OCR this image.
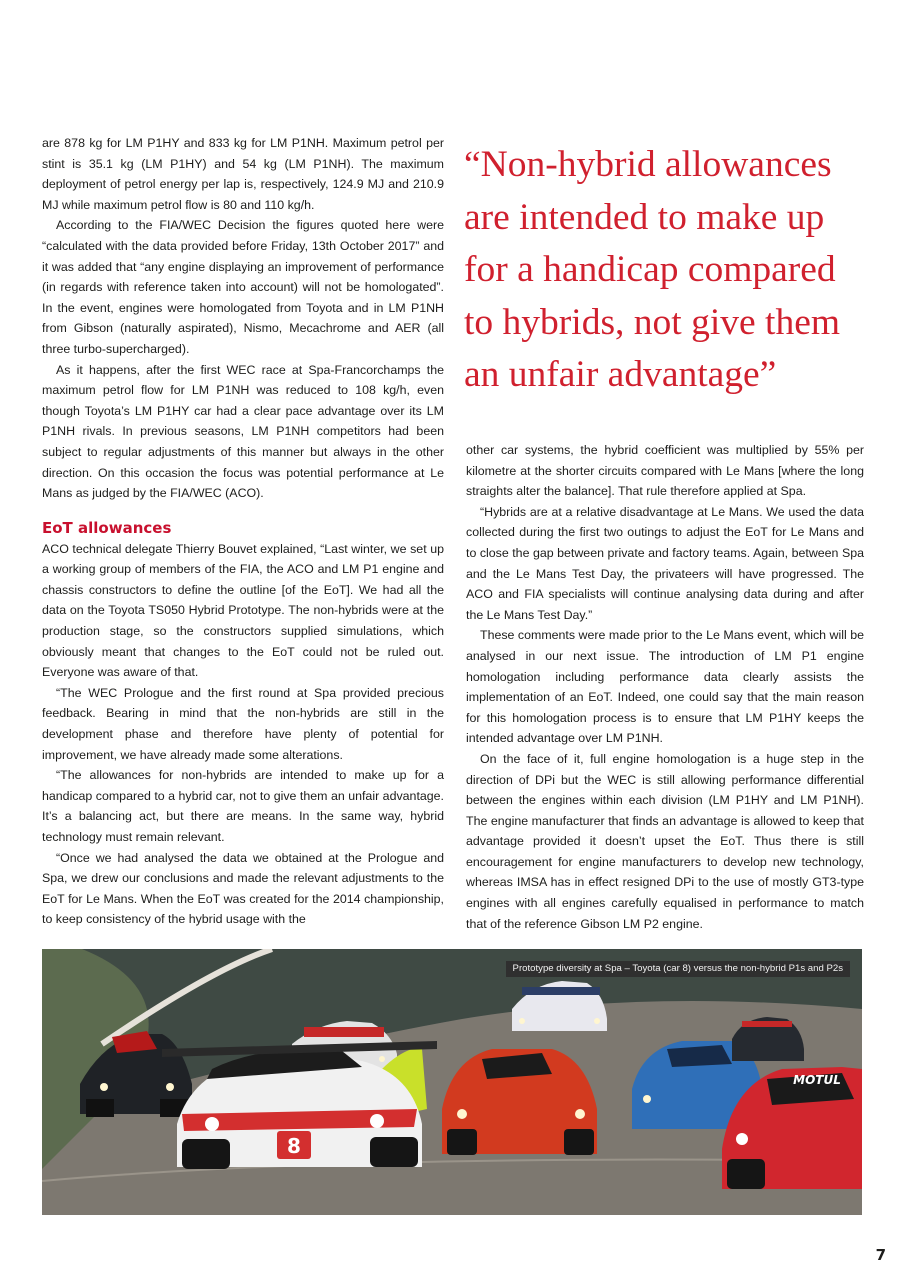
are 878 kg for LM P1HY and 833 kg for LM P1NH. Maximum petrol per stint is 35.1 kg (LM P1HY) and 54 kg (LM P1NH). The maximum deployment of petrol energy per lap is, respectively, 124.9 MJ and 210.9 MJ while maximum petrol flow is 80 and 110 kg/h.

According to the FIA/WEC Decision the figures quoted here were “calculated with the data provided before Friday, 13th October 2017” and it was added that “any engine displaying an improvement of performance (in regards with reference taken into account) will not be homologated”. In the event, engines were homologated from Toyota and in LM P1NH from Gibson (naturally aspirated), Nismo, Mecachrome and AER (all three turbo-supercharged).

As it happens, after the first WEC race at Spa-Francorchamps the maximum petrol flow for LM P1NH was reduced to 108 kg/h, even though Toyota’s LM P1HY car had a clear pace advantage over its LM P1NH rivals. In previous seasons, LM P1NH competitors had been subject to regular adjustments of this manner but always in the other direction. On this occasion the focus was potential performance at Le Mans as judged by the FIA/WEC (ACO).

EoT allowances

ACO technical delegate Thierry Bouvet explained, “Last winter, we set up a working group of members of the FIA, the ACO and LM P1 engine and chassis constructors to define the outline [of the EoT]. We had all the data on the Toyota TS050 Hybrid Prototype. The non-hybrids were at the production stage, so the constructors supplied simulations, which obviously meant that changes to the EoT could not be ruled out. Everyone was aware of that.

“The WEC Prologue and the first round at Spa provided precious feedback. Bearing in mind that the non-hybrids are still in the development phase and therefore have plenty of potential for improvement, we have already made some alterations.

“The allowances for non-hybrids are intended to make up for a handicap compared to a hybrid car, not to give them an unfair advantage. It’s a balancing act, but there are means. In the same way, hybrid technology must remain relevant.

“Once we had analysed the data we obtained at the Prologue and Spa, we drew our conclusions and made the relevant adjustments to the EoT for Le Mans. When the EoT was created for the 2014 championship, to keep consistency of the hybrid usage with the

“Non-hybrid allowances are intended to make up for a handicap compared to hybrids, not give them an unfair advantage”

other car systems, the hybrid coefficient was multiplied by 55% per kilometre at the shorter circuits compared with Le Mans [where the long straights alter the balance]. That rule therefore applied at Spa.

“Hybrids are at a relative disadvantage at Le Mans. We used the data collected during the first two outings to adjust the EoT for Le Mans and to close the gap between private and factory teams. Again, between Spa and the Le Mans Test Day, the privateers will have progressed. The ACO and FIA specialists will continue analysing data during and after the Le Mans Test Day.”

These comments were made prior to the Le Mans event, which will be analysed in our next issue. The introduction of LM P1 engine homologation including performance data clearly assists the implementation of an EoT. Indeed, one could say that the main reason for this homologation process is to ensure that LM P1HY keeps the intended advantage over LM P1NH.

On the face of it, full engine homologation is a huge step in the direction of DPi but the WEC is still allowing performance differential between the engines within each division (LM P1HY and LM P1NH). The engine manufacturer that finds an advantage is allowed to keep that advantage provided it doesn’t upset the EoT. Thus there is still encouragement for engine manufacturers to develop new technology, whereas IMSA has in effect resigned DPi to the use of mostly GT3-type engines with all engines carefully equalised in performance to match that of the reference Gibson LM P2 engine.

8
MOTUL
Prototype diversity at Spa – Toyota (car 8) versus the non-hybrid P1s and P2s
7
